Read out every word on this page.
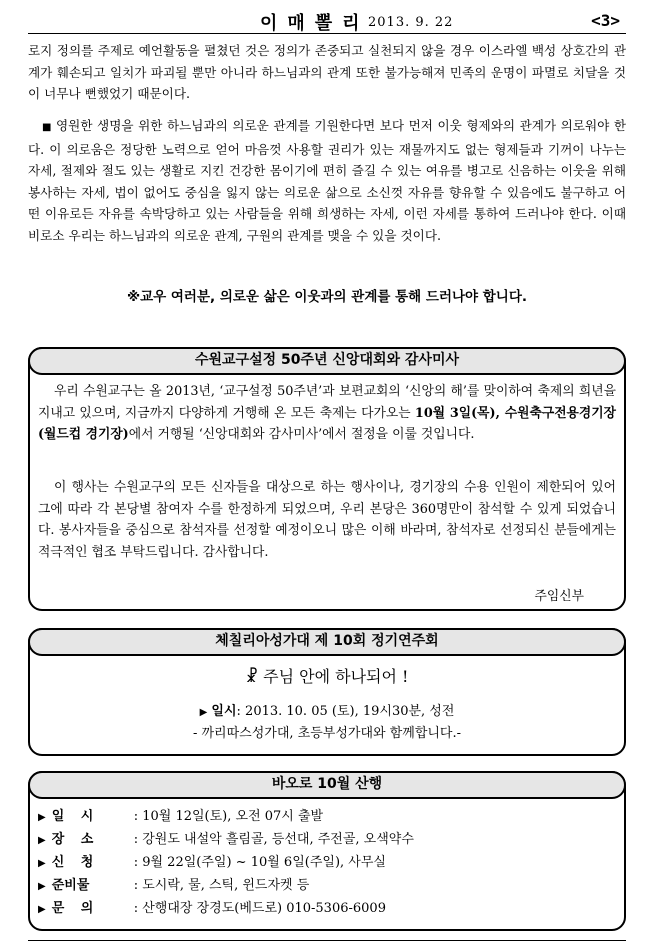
이매뽈리
2013. 9. 22	<3>

로지 정의를 주제로 예언활동을 펼쳤던 것은 정의가 존중되고 실천되지 않을 경우 이스라엘 백성 상호간의 관계가 훼손되고 일치가 파괴될 뿐만 아니라 하느님과의 관계 또한 불가능해져 민족의 운명이 파멸로 치달을 것이 너무나 뻔했었기 때문이다.

■ 영원한 생명을 위한 하느님과의 의로운 관계를 기원한다면 보다 먼저 이웃 형제와의 관계가 의로워야 한다. 이 의로움은 정당한 노력으로 얻어 마음껏 사용할 권리가 있는 재물까지도 없는 형제들과 기꺼이 나누는 자세, 절제와 절도 있는 생활로 지킨 건강한 몸이기에 편히 즐길 수 있는 여유를 병고로 신음하는 이웃을 위해 봉사하는 자세, 법이 없어도 중심을 잃지 않는 의로운 삶으로 소신껏 자유를 향유할 수 있음에도 불구하고 어떤 이유로든 자유를 속박당하고 있는 사람들을 위해 희생하는 자세, 이런 자세를 통하여 드러나야 한다. 이때 비로소 우리는 하느님과의 의로운 관계, 구원의 관계를 맺을 수 있을 것이다.

※교우 여러분, 의로운 삶은 이웃과의 관계를 통해 드러나야 합니다.
수원교구설정 50주년 신앙대회와 감사미사

우리 수원교구는 올 2013년, ‘교구설정 50주년’과 보편교회의 ‘신앙의 해’를 맞이하여 축제의 희년을 지내고 있으며, 지금까지 다양하게 거행해 온 모든 축제는 다가오는 10월 3일(목), 수원축구전용경기장(월드컵 경기장)에서 거행될 ‘신앙대회와 감사미사’에서 절정을 이룰 것입니다.

이 행사는 수원교구의 모든 신자들을 대상으로 하는 행사이나, 경기장의 수용 인원이 제한되어 있어 그에 따라 각 본당별 참여자 수를 한정하게 되었으며, 우리 본당은 360명만이 참석할 수 있게 되었습니다. 봉사자들을 중심으로 참석자를 선정할 예정이오니 많은 이해 바라며, 참석자로 선정되신 분들에게는 적극적인 협조 부탁드립니다. 감사합니다.

주임신부
체칠리아성가대 제 10회 정기연주회
☧ 주님 안에 하나되어 !
▶ 일시: 2013. 10. 05 (토), 19시30분, 성전
- 까리따스성가대, 초등부성가대와 함께합니다.-
바오로 10월 산행
▶ 일 시	: 10월 12일(토), 오전 07시 출발
▶ 장 소	: 강원도 내설악 흘림골, 등선대, 주전골, 오색약수
▶ 신 청	: 9월 22일(주일) ~ 10월 6일(주일), 사무실
▶ 준비물	: 도시락, 물, 스틱, 윈드자켓 등
▶ 문 의	: 산행대장 장경도(베드로) 010-5306-6009
